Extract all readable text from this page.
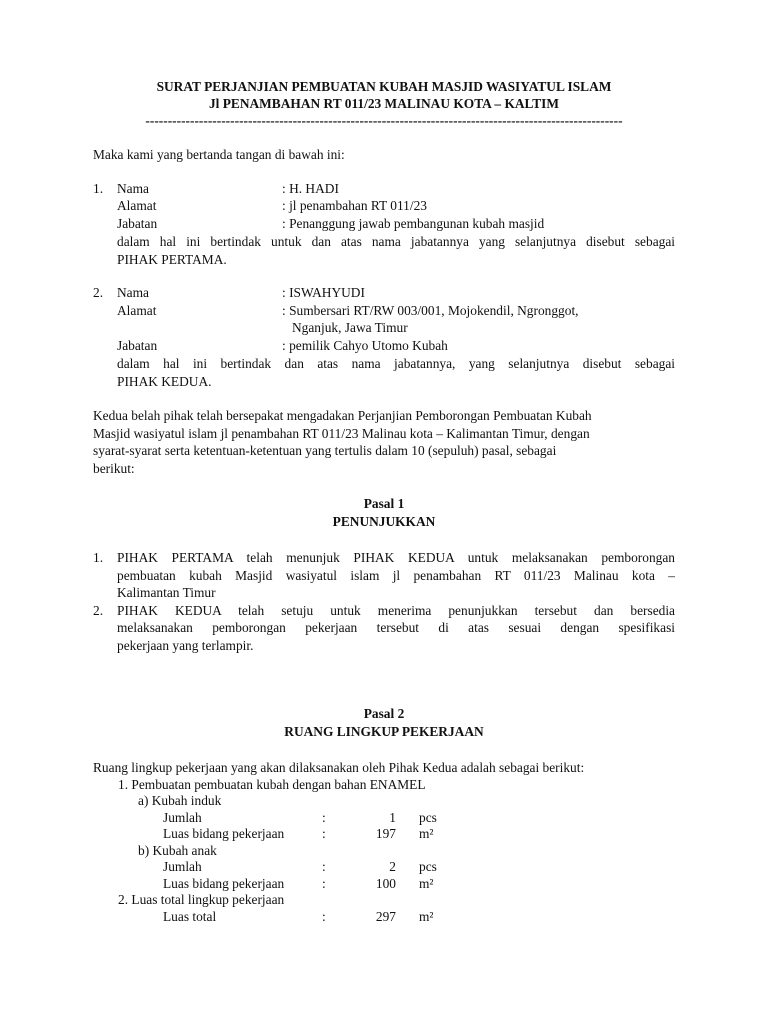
SURAT PERJANJIAN PEMBUATAN KUBAH MASJID WASIYATUL ISLAM
Jl PENAMBAHAN RT 011/23 MALINAU KOTA – KALTIM
-----------------------------------------------------------------------------------------------------------
Maka kami yang bertanda tangan di bawah ini:
1. Nama	: H. HADI
Alamat	: jl penambahan RT 011/23
Jabatan	: Penanggung jawab pembangunan kubah masjid
dalam hal ini bertindak untuk dan atas nama jabatannya yang selanjutnya disebut sebagai
PIHAK PERTAMA.
2. Nama	: ISWAHYUDI
Alamat	: Sumbersari RT/RW 003/001, Mojokendil, Ngronggot,
Nganjuk, Jawa Timur
Jabatan	: pemilik Cahyo Utomo Kubah
dalam hal ini bertindak dan atas nama jabatannya, yang selanjutnya disebut sebagai
PIHAK KEDUA.
Kedua belah pihak telah bersepakat mengadakan Perjanjian Pemborongan Pembuatan Kubah
Masjid wasiyatul islam jl penambahan RT 011/23 Malinau kota – Kalimantan Timur, dengan
syarat-syarat serta ketentuan-ketentuan yang tertulis dalam 10 (sepuluh) pasal, sebagai
berikut:
Pasal 1
PENUNJUKKAN
1. PIHAK PERTAMA telah menunjuk PIHAK KEDUA untuk melaksanakan pemborongan
pembuatan kubah Masjid wasiyatul islam jl penambahan RT 011/23 Malinau kota –
Kalimantan Timur
2. PIHAK KEDUA telah setuju untuk menerima penunjukkan tersebut dan bersedia
melaksanakan pemborongan pekerjaan tersebut di atas sesuai dengan spesifikasi
pekerjaan yang terlampir.
Pasal 2
RUANG LINGKUP PEKERJAAN
Ruang lingkup pekerjaan yang akan dilaksanakan oleh Pihak Kedua adalah sebagai berikut:
1. Pembuatan pembuatan kubah dengan bahan ENAMEL
a) Kubah induk
Jumlah	:	1 pcs
Luas bidang pekerjaan	:	197 m²
b) Kubah anak
Jumlah	:	2 pcs
Luas bidang pekerjaan	:	100 m²
2. Luas total lingkup pekerjaan
Luas total	:	297 m²
